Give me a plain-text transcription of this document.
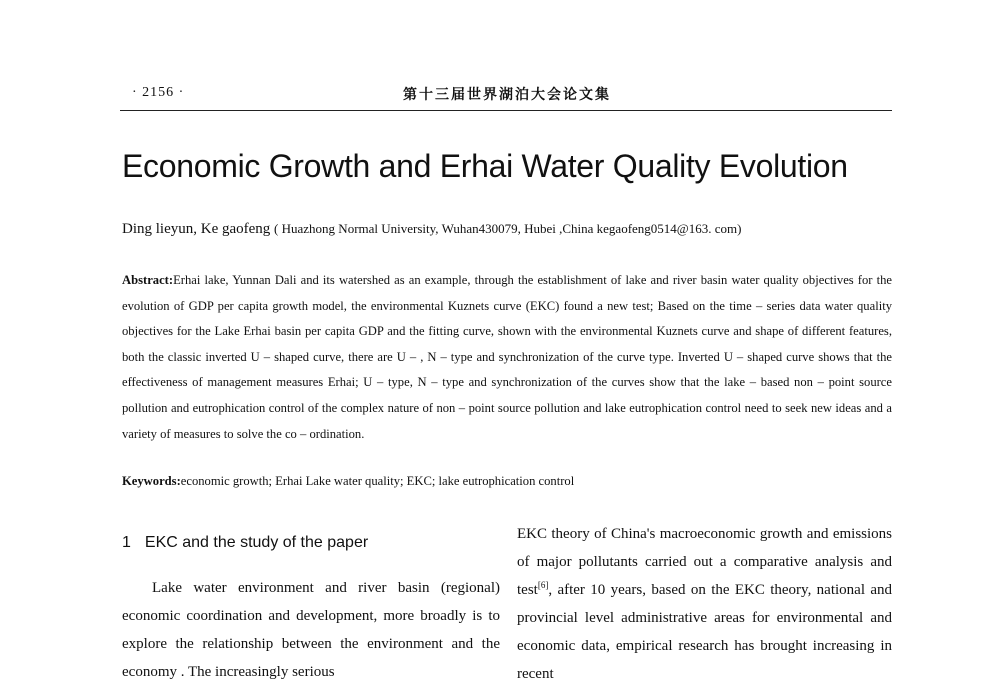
· 2156 ·	第十三届世界湖泊大会论文集
Economic Growth and Erhai Water Quality Evolution
Ding lieyun, Ke gaofeng ( Huazhong Normal University, Wuhan430079, Hubei ,China kegaofeng0514@163. com)

Abstract:Erhai lake, Yunnan Dali and its watershed as an example, through the establishment of lake and river basin water quality objectives for the evolution of GDP per capita growth model, the environmental Kuznets curve (EKC) found a new test; Based on the time – series data water quality objectives for the Lake Erhai basin per capita GDP and the fitting curve, shown with the environmental Kuznets curve and shape of different features, both the classic inverted U – shaped curve, there are U – , N – type and synchronization of the curve type. Inverted U – shaped curve shows that the effectiveness of management measures Erhai; U – type, N – type and synchronization of the curves show that the lake – based non – point source pollution and eutrophication control of the complex nature of non – point source pollution and lake eutrophication control need to seek new ideas and a variety of measures to solve the co – ordination.

Keywords:economic growth; Erhai Lake water quality; EKC; lake eutrophication control

1 EKC and the study of the paper

Lake water environment and river basin (regional) economic coordination and development, more broadly is to explore the relationship between the environment and the economy . The increasingly serious

EKC theory of China's macroeconomic growth and emissions of major pollutants carried out a comparative analysis and test[6], after 10 years, based on the EKC theory, national and provincial level administrative areas for environmental and economic data, empirical research has brought increasing in recent
